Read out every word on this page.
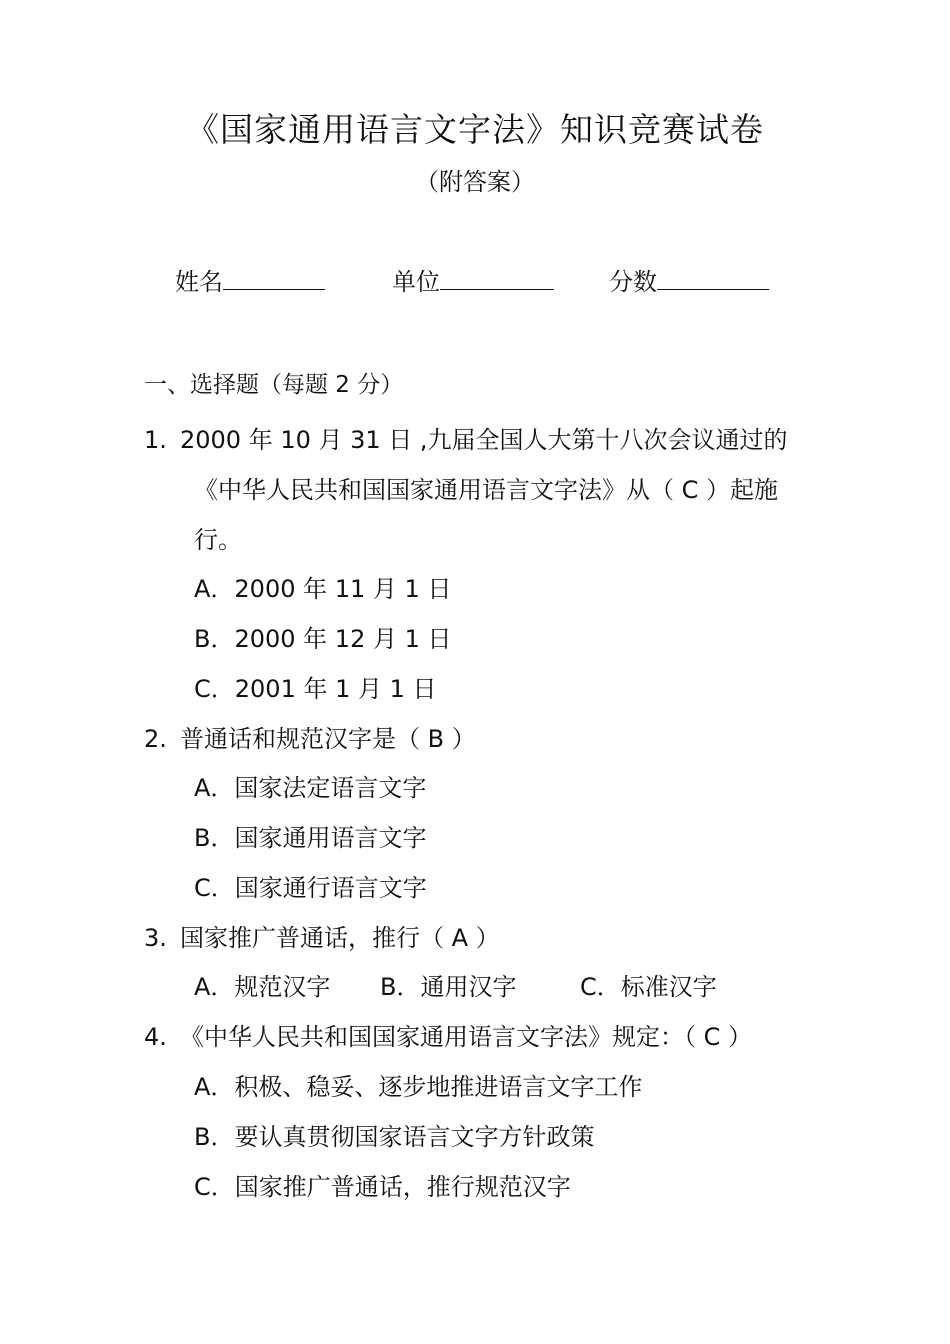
《国家通用语言文字法》知识竞赛试卷
（附答案）
姓名	单位	分数
一、选择题（每题 2 分）
1. 2000 年 10 月 31 日 ,九届全国人大第十八次会议通过的
《中华人民共和国国家通用语言文字法》从（ C ）起施
行。
A．2000 年 11 月 1 日
B．2000 年 12 月 1 日
C．2001 年 1 月 1 日
2. 普通话和规范汉字是（ B ）
A．国家法定语言文字
B．国家通用语言文字
C．国家通行语言文字
3. 国家推广普通话，推行（ A ）
A．规范汉字 B．通用汉字	C．标准汉字
4. 《中华人民共和国国家通用语言文字法》规定：（ C ）
A．积极、稳妥、逐步地推进语言文字工作
B．要认真贯彻国家语言文字方针政策
C．国家推广普通话，推行规范汉字
